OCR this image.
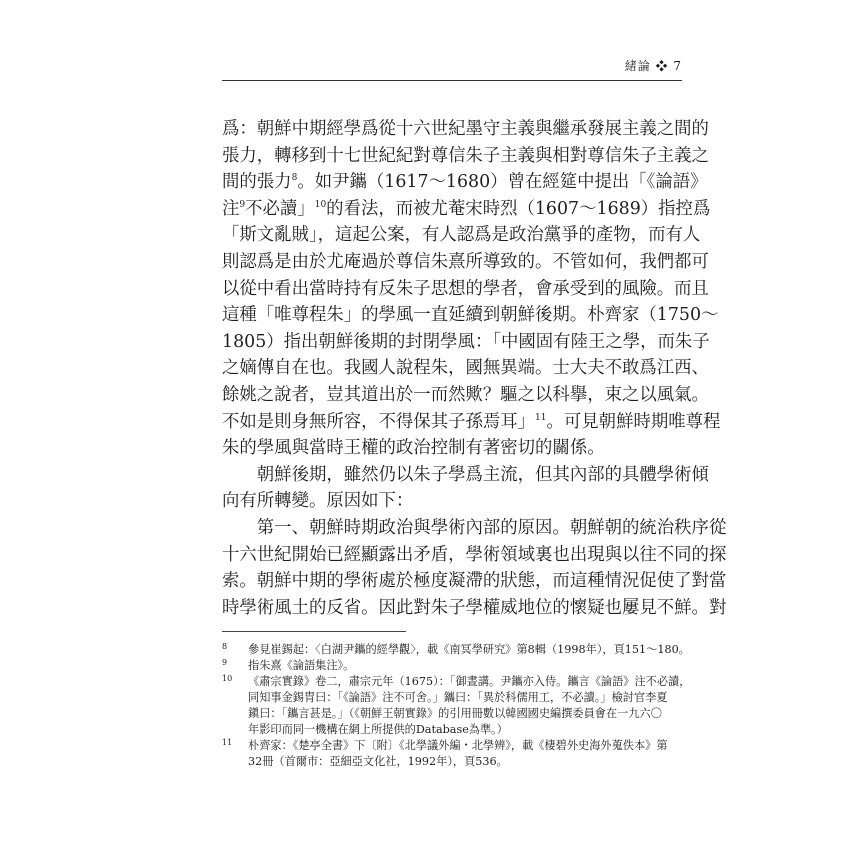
緒論 ❖ 7
爲：朝鮮中期經學爲從十六世紀墨守主義與繼承發展主義之間的
張力，轉移到十七世紀紀對尊信朱子主義與相對尊信朱子主義之
間的張力$^8$。如尹鑴（1617～1680）曾在經筵中提出「《論語》
注$^9$不必讀」$^{10}$的看法，而被尤菴宋時烈（1607～1689）指控爲
「斯文亂賊」，這起公案，有人認爲是政治黨爭的產物，而有人
則認爲是由於尤庵過於尊信朱熹所導致的。不管如何，我們都可
以從中看出當時持有反朱子思想的學者，會承受到的風險。而且
這種「唯尊程朱」的學風一直延續到朝鮮後期。朴齊家（1750～
1805）指出朝鮮後期的封閉學風：「中國固有陸王之學，而朱子
之嫡傳自在也。我國人說程朱，國無異端。士大夫不敢爲江西、
餘姚之說者，豈其道出於一而然歟？驅之以科擧，束之以風氣。
不如是則身無所容，不得保其子孫焉耳」$^{11}$。可見朝鮮時期唯尊程
朱的學風與當時王權的政治控制有著密切的關係。
　　朝鮮後期，雖然仍以朱子學爲主流，但其內部的具體學術傾
向有所轉變。原因如下：
　　第一、朝鮮時期政治與學術內部的原因。朝鮮朝的統治秩序從
十六世紀開始已經顯露出矛盾，學術領域裏也出現與以往不同的探
索。朝鮮中期的學術處於極度凝滯的狀態，而這種情況促使了對當
時學術風土的反省。因此對朱子學權威地位的懷疑也屢見不鮮。對
8 參見崔錫起：〈白湖尹鑴的經學觀〉，載《南冥學研究》第8輯（1998年），頁151～180。
9 指朱熹《論語集注》。
10 《肅宗實錄》卷二，肅宗元年（1675）：「御晝講。尹鑴亦入侍。鑴言《論語》注不必讀，
同知事金錫胄曰：「《論語》注不可舍。」鑴曰：「異於科儒用工，不必讀。」檢討官李夏
鎭曰：「鑴言甚是。」（《朝鮮王朝實錄》的引用冊數以韓國國史編撰委員會在一九六〇
年影印而同一機構在網上所提供的Database為準。）
11 朴齊家：《楚亭全書》下〔附〕《北學議外編・北學辨》，載《棲碧外史海外蒐佚本》第
32冊（首爾市：亞細亞文化社，1992年），頁536。
